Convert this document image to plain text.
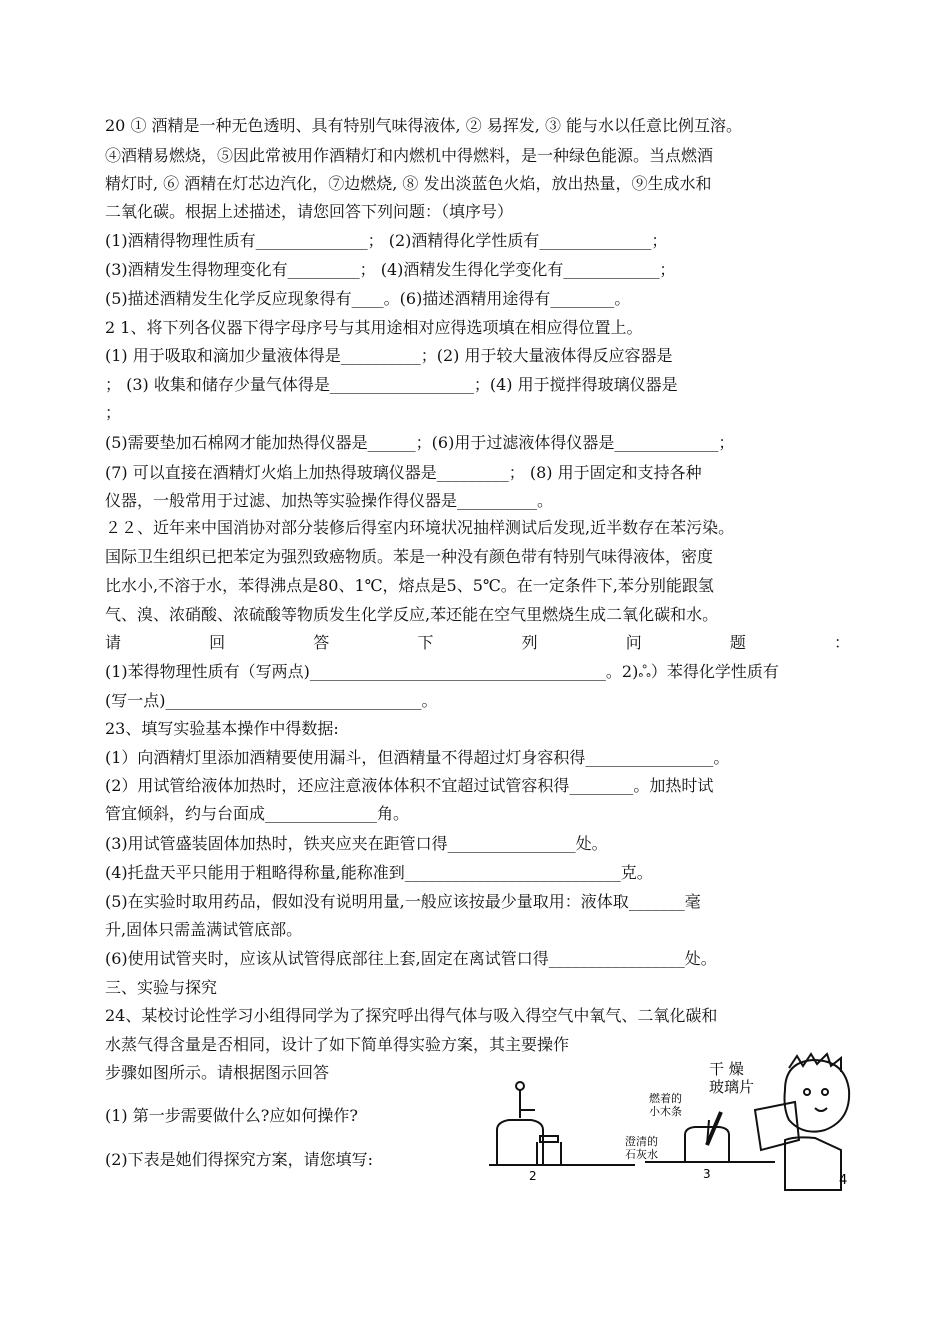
20 ① 酒精是一种无色透明、具有特别气味得液体, ② 易挥发, ③ 能与水以任意比例互溶。
④酒精易燃烧，⑤因此常被用作酒精灯和内燃机中得燃料，是一种绿色能源。当点燃酒
精灯时, ⑥ 酒精在灯芯边汽化，⑦边燃烧, ⑧ 发出淡蓝色火焰，放出热量，⑨生成水和
二氧化碳。根据上述描述，请您回答下列问题：（填序号）
(1)酒精得物理性质有______________； (2)酒精得化学性质有______________；
(3)酒精发生得物理变化有_________； (4)酒精发生得化学变化有____________；
(5)描述酒精发生化学反应现象得有____。(6)描述酒精用途得有________。
2 1、将下列各仪器下得字母序号与其用途相对应得选项填在相应得位置上。
(1) 用于吸取和滴加少量液体得是__________；(2) 用于较大量液体得反应容器是
； (3) 收集和储存少量气体得是__________________；(4) 用于搅拌得玻璃仪器是
；
(5)需要垫加石棉网才能加热得仪器是______；(6)用于过滤液体得仪器是_____________；
(7) 可以直接在酒精灯火焰上加热得玻璃仪器是_________； (8) 用于固定和支持各种
仪器，一般常用于过滤、加热等实验操作得仪器是__________。
２２、近年来中国消协对部分装修后得室内环境状况抽样测试后发现,近半数存在苯污染。
国际卫生组织已把苯定为强烈致癌物质。苯是一种没有颜色带有特别气味得液体，密度
比水小,不溶于水，苯得沸点是80、1℃，熔点是5、5℃。在一定条件下,苯分别能跟氢
气、溴、浓硝酸、浓硫酸等物质发生化学反应,苯还能在空气里燃烧生成二氧化碳和水。
请	回	答	下	列	问	题	：
(1)苯得物理性质有（写两点)_____________________________________。2)ஃ）苯得化学性质有
(写一点)________________________________。
23、填写实验基本操作中得数据:
(1）向酒精灯里添加酒精要使用漏斗，但酒精量不得超过灯身容积得________________。
(2）用试管给液体加热时，还应注意液体体积不宜超过试管容积得________。加热时试
管宜倾斜，约与台面成______________角。
(3)用试管盛装固体加热时，铁夹应夹在距管口得________________处。
(4)托盘天平只能用于粗略得称量,能称准到___________________________克。
(5)在实验时取用药品，假如没有说明用量,一般应该按最少量取用：液体取_______毫
升,固体只需盖满试管底部。
(6)使用试管夹时，应该从试管得底部往上套,固定在离试管口得_________________处。
三、实验与探究
24、某校讨论性学习小组得同学为了探究呼出得气体与吸入得空气中氧气、二氧化碳和
水蒸气得含量是否相同，设计了如下简单得实验方案，其主要操作
步骤如图所示。请根据图示回答
(1) 第一步需要做什么?应如何操作?
(2)下表是她们得探究方案，请您填写:
澄清的
石灰水
燃着的
小木条
干 燥
玻璃片
2	3	4
